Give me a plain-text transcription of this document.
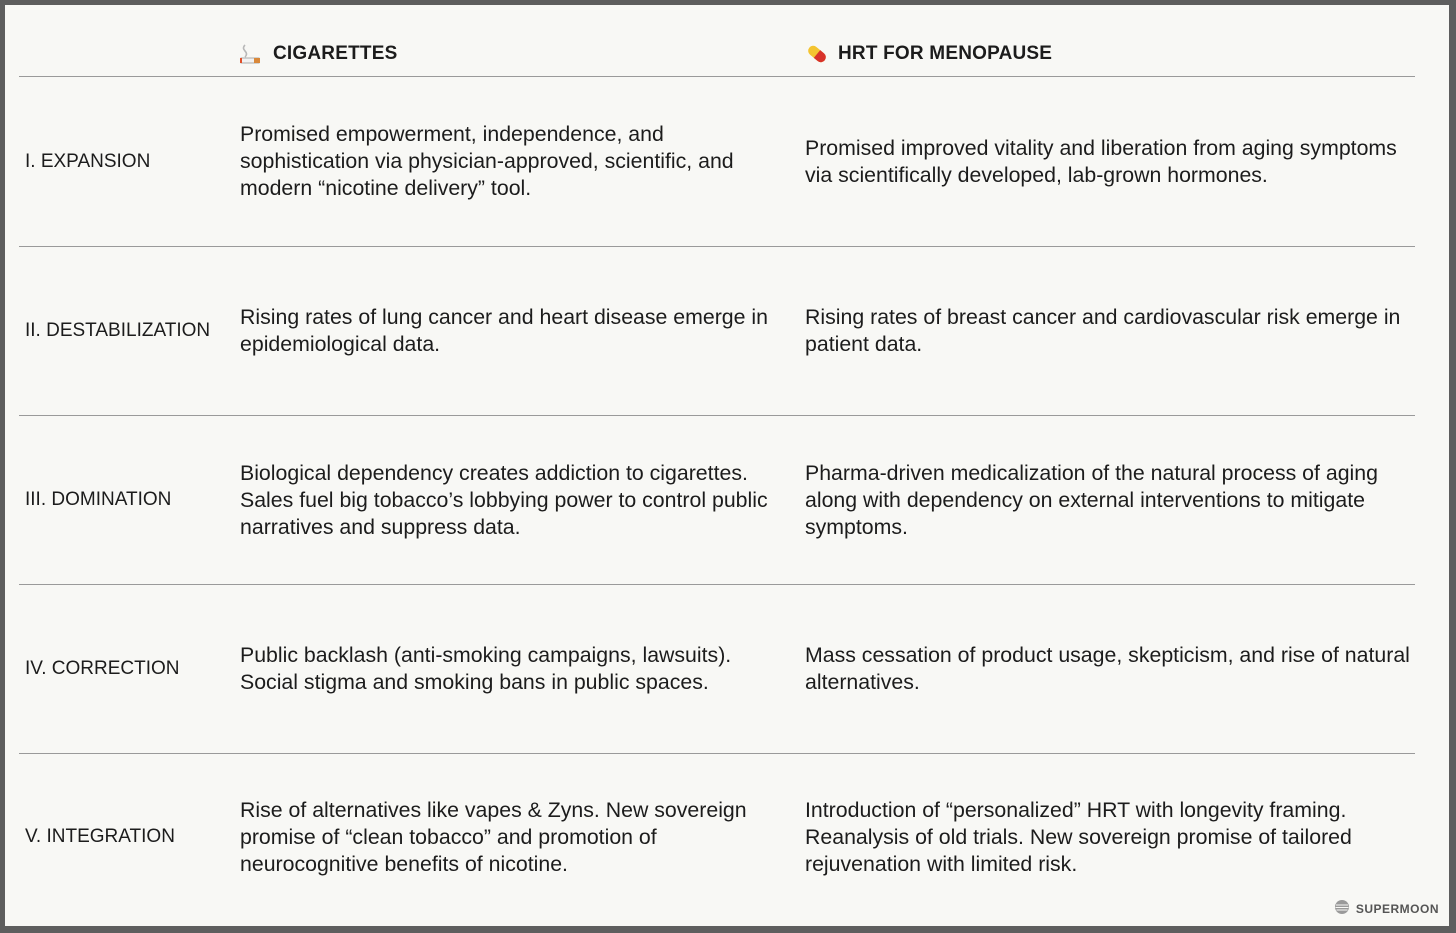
CIGARETTES	HRT FOR MENOPAUSE
I. EXPANSION
Promised empowerment, independence, and sophistication via physician-approved, scientific, and modern “nicotine delivery” tool.
Promised improved vitality and liberation from aging symptoms via scientifically developed, lab-grown hormones.
II. DESTABILIZATION
Rising rates of lung cancer and heart disease emerge in epidemiological data.
Rising rates of breast cancer and cardiovascular risk emerge in patient data.
III. DOMINATION
Biological dependency creates addiction to cigarettes. Sales fuel big tobacco’s lobbying power to control public narratives and suppress data.
Pharma-driven medicalization of the natural process of aging along with dependency on external interventions to mitigate symptoms.
IV. CORRECTION
Public backlash (anti-smoking campaigns, lawsuits). Social stigma and smoking bans in public spaces.
Mass cessation of product usage, skepticism, and rise of natural alternatives.
V. INTEGRATION
Rise of alternatives like vapes & Zyns. New sovereign promise of “clean tobacco” and promotion of neurocognitive benefits of nicotine.
Introduction of “personalized” HRT with longevity framing. Reanalysis of old trials. New sovereign promise of tailored rejuvenation with limited risk.
SUPERMOON
